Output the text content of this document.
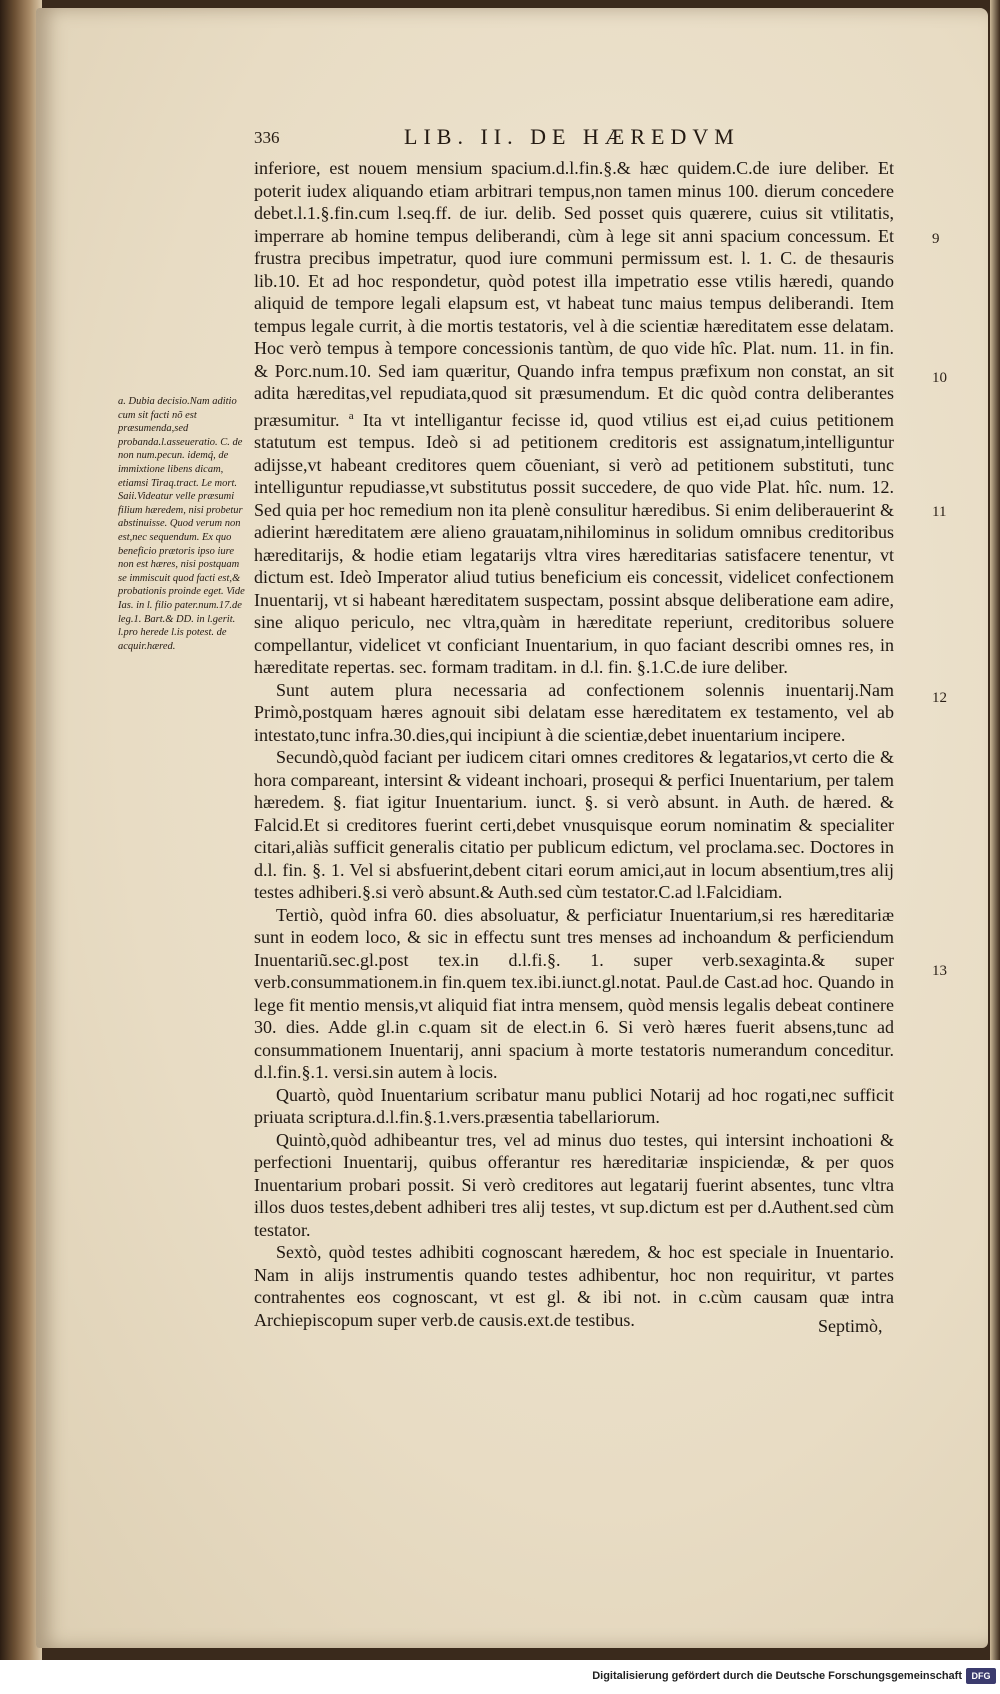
9
10
11
12
13
336	LIB. II. DE HÆREDVM
a. Dubia decisio.Nam aditio cum sit facti nõ est præsumenda,sed probanda.l.asseueratio. C. de non num.pecun. idemq́, de immixtione libens dicam, etiamsi Tiraq.tract. Le mort. Saii.Videatur velle præsumi filium hæredem, nisi probetur abstinuisse. Quod verum non est,nec sequendum. Ex quo beneficio prætoris ipso iure non est hæres, nisi postquam se immiscuit quod facti est,& probationis proinde eget. Vide Ias. in l. filio pater.num.17.de leg.1. Bart.& DD. in l.gerit. l.pro herede l.is potest. de acquir.hæred.

inferiore, est nouem mensium spacium.d.l.fin.§.& hæc quidem.C.de iure deliber. Et poterit iudex aliquando etiam arbitrari tempus,non tamen minus 100. dierum concedere debet.l.1.§.fin.cum l.seq.ff. de iur. delib. Sed posset quis quærere, cuius sit vtilitatis, imperrare ab homine tempus deliberandi, cùm à lege sit anni spacium concessum. Et frustra precibus impetratur, quod iure communi permissum est. l. 1. C. de thesauris lib.10. Et ad hoc respondetur, quòd potest illa impetratio esse vtilis hæredi, quando aliquid de tempore legali elapsum est, vt habeat tunc maius tempus deliberandi. Item tempus legale currit, à die mortis testatoris, vel à die scientiæ hæreditatem esse delatam. Hoc verò tempus à tempore concessionis tantùm, de quo vide hîc. Plat. num. 11. in fin. & Porc.num.10. Sed iam quæritur, Quando infra tempus præfixum non constat, an sit adita hæreditas,vel repudiata,quod sit præsumendum. Et dic quòd contra deliberantes præsumitur. $^a$ Ita vt intelligantur fecisse id, quod vtilius est ei,ad cuius petitionem statutum est tempus. Ideò si ad petitionem creditoris est assignatum,intelliguntur adijsse,vt habeant creditores quem cõueniant, si verò ad petitionem substituti, tunc intelliguntur repudiasse,vt substitutus possit succedere, de quo vide Plat. hîc. num. 12. Sed quia per hoc remedium non ita plenè consulitur hæredibus. Si enim deliberauerint & adierint hæreditatem ære alieno grauatam,nihilominus in solidum omnibus creditoribus hæreditarijs, & hodie etiam legatarijs vltra vires hæreditarias satisfacere tenentur, vt dictum est. Ideò Imperator aliud tutius beneficium eis concessit, videlicet confectionem Inuentarij, vt si habeant hæreditatem suspectam, possint absque deliberatione eam adire, sine aliquo periculo, nec vltra,quàm in hæreditate reperiunt, creditoribus soluere compellantur, videlicet vt conficiant Inuentarium, in quo faciant describi omnes res, in hæreditate repertas. sec. formam traditam. in d.l. fin. §.1.C.de iure deliber.

Sunt autem plura necessaria ad confectionem solennis inuentarij.Nam Primò,postquam hæres agnouit sibi delatam esse hæreditatem ex testamento, vel ab intestato,tunc infra.30.dies,qui incipiunt à die scientiæ,debet inuentarium incipere.

Secundò,quòd faciant per iudicem citari omnes creditores & legatarios,vt certo die & hora compareant, intersint & videant inchoari, prosequi & perfici Inuentarium, per talem hæredem. §. fiat igitur Inuentarium. iunct. §. si verò absunt. in Auth. de hæred. & Falcid.Et si creditores fuerint certi,debet vnusquisque eorum nominatim & specialiter citari,aliàs sufficit generalis citatio per publicum edictum, vel proclama.sec. Doctores in d.l. fin. §. 1. Vel si absfuerint,debent citari eorum amici,aut in locum absentium,tres alij testes adhiberi.§.si verò absunt.& Auth.sed cùm testator.C.ad l.Falcidiam.

Tertiò, quòd infra 60. dies absoluatur, & perficiatur Inuentarium,si res hæreditariæ sunt in eodem loco, & sic in effectu sunt tres menses ad inchoandum & perficiendum Inuentariũ.sec.gl.post tex.in d.l.fi.§. 1. super verb.sexaginta.& super verb.consummationem.in fin.quem tex.ibi.iunct.gl.notat. Paul.de Cast.ad hoc. Quando in lege fit mentio mensis,vt aliquid fiat intra mensem, quòd mensis legalis debeat continere 30. dies. Adde gl.in c.quam sit de elect.in 6. Si verò hæres fuerit absens,tunc ad consummationem Inuentarij, anni spacium à morte testatoris numerandum conceditur. d.l.fin.§.1. versi.sin autem à locis.

Quartò, quòd Inuentarium scribatur manu publici Notarij ad hoc rogati,nec sufficit priuata scriptura.d.l.fin.§.1.vers.præsentia tabellariorum.

Quintò,quòd adhibeantur tres, vel ad minus duo testes, qui intersint inchoationi & perfectioni Inuentarij, quibus offerantur res hæreditariæ inspiciendæ, & per quos Inuentarium probari possit. Si verò creditores aut legatarij fuerint absentes, tunc vltra illos duos testes,debent adhiberi tres alij testes, vt sup.dictum est per d.Authent.sed cùm testator.

Sextò, quòd testes adhibiti cognoscant hæredem, & hoc est speciale in Inuentario. Nam in alijs instrumentis quando testes adhibentur, hoc non requiritur, vt partes contrahentes eos cognoscant, vt est gl. & ibi not. in c.cùm causam quæ intra Archiepiscopum super verb.de causis.ext.de testibus.	Septimò,
Digitalisierung gefördert durch die Deutsche Forschungsgemeinschaft	DFG
